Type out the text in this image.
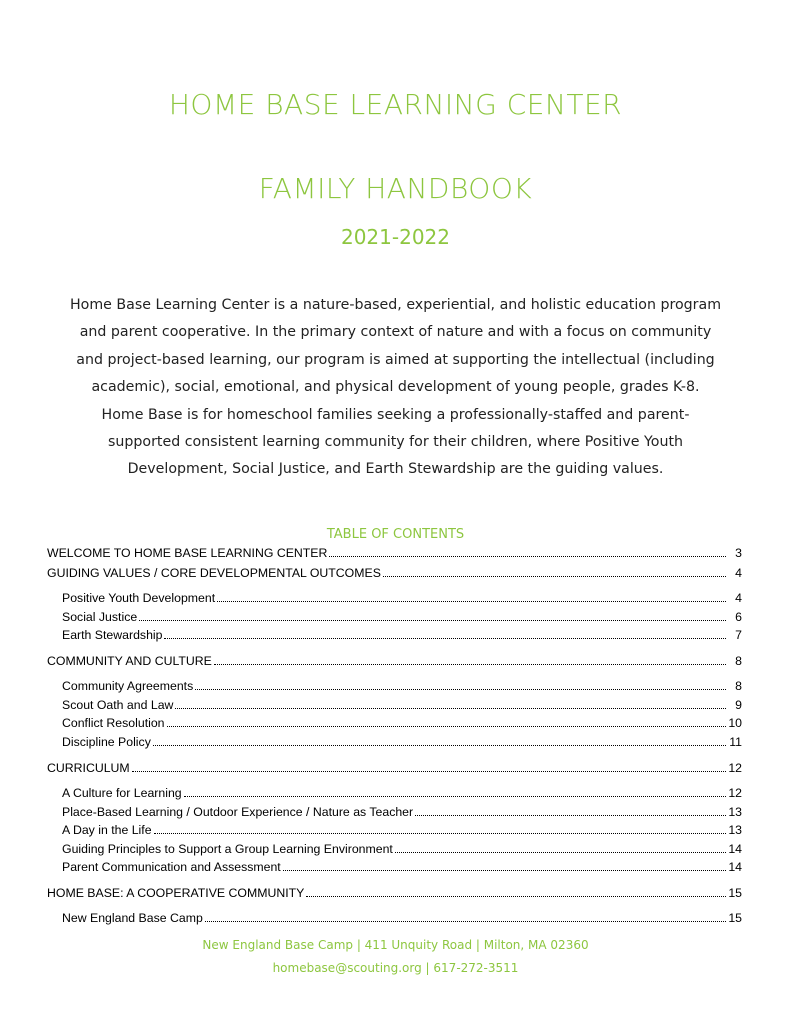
HOME BASE LEARNING CENTER
FAMILY HANDBOOK
2021-2022
Home Base Learning Center is a nature-based, experiential, and holistic education program
and parent cooperative. In the primary context of nature and with a focus on community
and project-based learning, our program is aimed at supporting the intellectual (including
academic), social, emotional, and physical development of young people, grades K-8.
Home Base is for homeschool families seeking a professionally-staffed and parent-
supported consistent learning community for their children, where Positive Youth
Development, Social Justice, and Earth Stewardship are the guiding values.
TABLE OF CONTENTS
WELCOME TO HOME BASE LEARNING CENTER	3
GUIDING VALUES / CORE DEVELOPMENTAL OUTCOMES	4
Positive Youth Development	4
Social Justice	6
Earth Stewardship	7
COMMUNITY AND CULTURE	8
Community Agreements	8
Scout Oath and Law	9
Conflict Resolution	10
Discipline Policy	11
CURRICULUM	12
A Culture for Learning	12
Place-Based Learning / Outdoor Experience / Nature as Teacher	13
A Day in the Life	13
Guiding Principles to Support a Group Learning Environment	14
Parent Communication and Assessment	14
HOME BASE: A COOPERATIVE COMMUNITY	15
New England Base Camp	15
New England Base Camp | 411 Unquity Road | Milton, MA 02360
homebase@scouting.org | 617-272-3511
